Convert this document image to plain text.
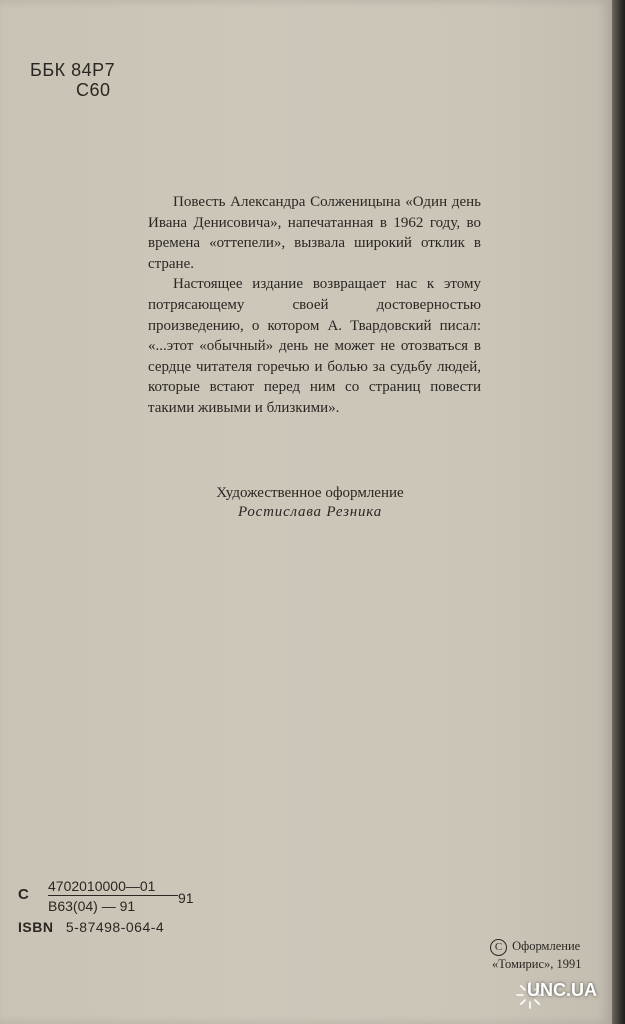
ББК 84Р7
С60

Повесть Александра Солженицына «Один день Ивана Денисовича», напечатанная в 1962 году, во времена «оттепели», вызвала широкий отклик в стране.

Настоящее издание возвращает нас к этому потрясающему своей достоверностью произведению, о котором А. Твардовский писал: «...этот «обычный» день не может не отозваться в сердце читателя горечью и болью за судьбу людей, которые встают перед ним со страниц повести такими живыми и близкими».

Художественное оформление
Ростислава Резника
С 4702010000—01
В63(04) — 91	91
ISBN 5-87498-064-4
C Оформление
«Томирис», 1991
UNC.UA
